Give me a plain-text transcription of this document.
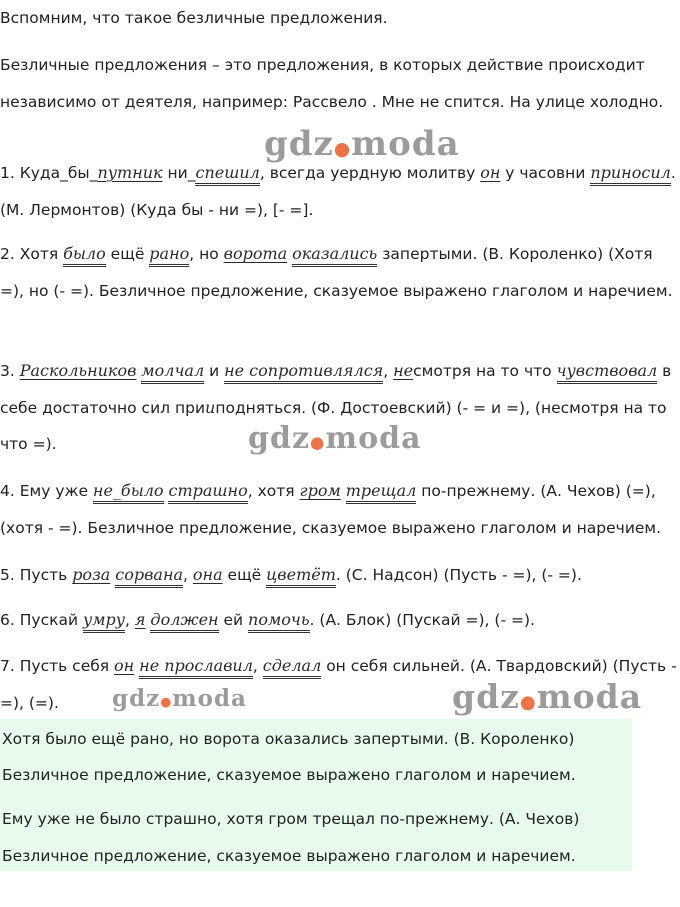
Вспомним, что такое безличные предложения.

Безличные предложения – это предложения, в которых действие происходит независимо от деятеля, например: Рассвело . Мне не спится. На улице холодно.

1. Куда_бы_путник ни_спешил, всегда уердную молитву он у часовни приносил. (М. Лермонтов) (Куда бы - ни =), [- =].

2. Хотя было ещё рано, но ворота оказались запертыми. (В. Короленко) (Хотя =), но (- =). Безличное предложение, сказуемое выражено глаголом и наречием.

3. Раскольников молчал и не сопротивлялся, несмотря на то что чувствовал в себе достаточно сил прииподняться. (Ф. Достоевский) (- = и =), (несмотря на то что =).

4. Ему уже не_было страшно, хотя гром трещал по-прежнему. (А. Чехов) (=), (хотя - =). Безличное предложение, сказуемое выражено глаголом и наречием.

5. Пусть роза сорвана, она ещё цветёт. (С. Надсон) (Пусть - =), (- =).

6. Пускай умру, я должен ей помочь. (А. Блок) (Пускай =), (- =).

7. Пусть себя он не прославил, сделал он себя сильней. (А. Твардовский) (Пусть - =), (=).

Хотя было ещё рано, но ворота оказались запертыми. (В. Короленко)

Безличное предложение, сказуемое выражено глаголом и наречием.

Ему уже не было страшно, хотя гром трещал по-прежнему. (А. Чехов)

Безличное предложение, сказуемое выражено глаголом и наречием.

gdz●moda
gdz●moda
gdz●moda	gdz●moda
